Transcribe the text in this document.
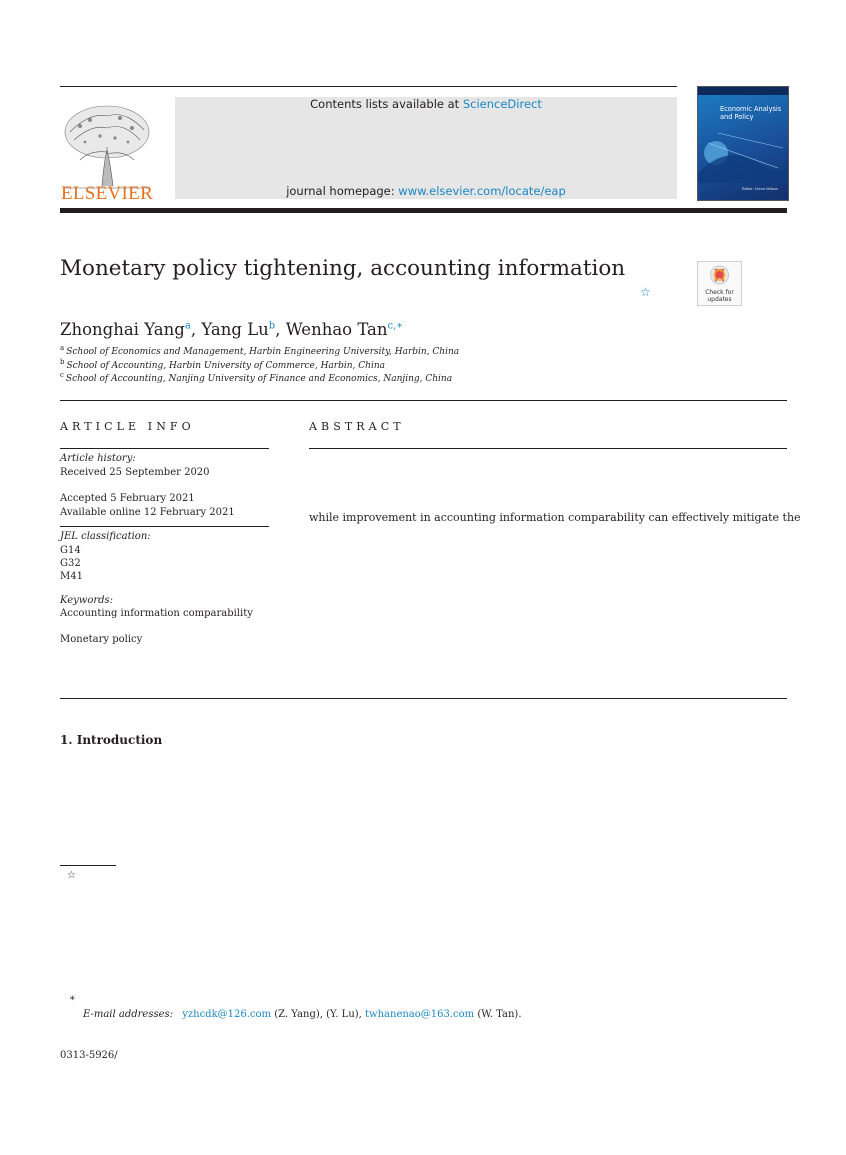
ELSEVIER
Contents lists available at ScienceDirect
journal homepage: www.elsevier.com/locate/eap
Economic Analysis and Policy
Editor: Clevo Wilson
Monetary policy tightening, accounting information
☆	Check for
updates
Zhonghai Yang$^a$, Yang Lu$^b$, Wenhao Tan$^{c,∗}$
$^a$ School of Economics and Management, Harbin Engineering University, Harbin, China
$^b$ School of Accounting, Harbin University of Commerce, Harbin, China
$^c$ School of Accounting, Nanjing University of Finance and Economics, Nanjing, China
ARTICLE INFO
Article history:
Received 25 September 2020
Accepted 5 February 2021
Available online 12 February 2021
JEL classification:
G14
G32
M41
Keywords:
Accounting information comparability
Monetary policy
ABSTRACT
while improvement in accounting information comparability can effectively mitigate the
1. Introduction
☆
∗
E-mail addresses: yzhcdk@126.com (Z. Yang), (Y. Lu), twhanenao@163.com (W. Tan).
0313-5926/
